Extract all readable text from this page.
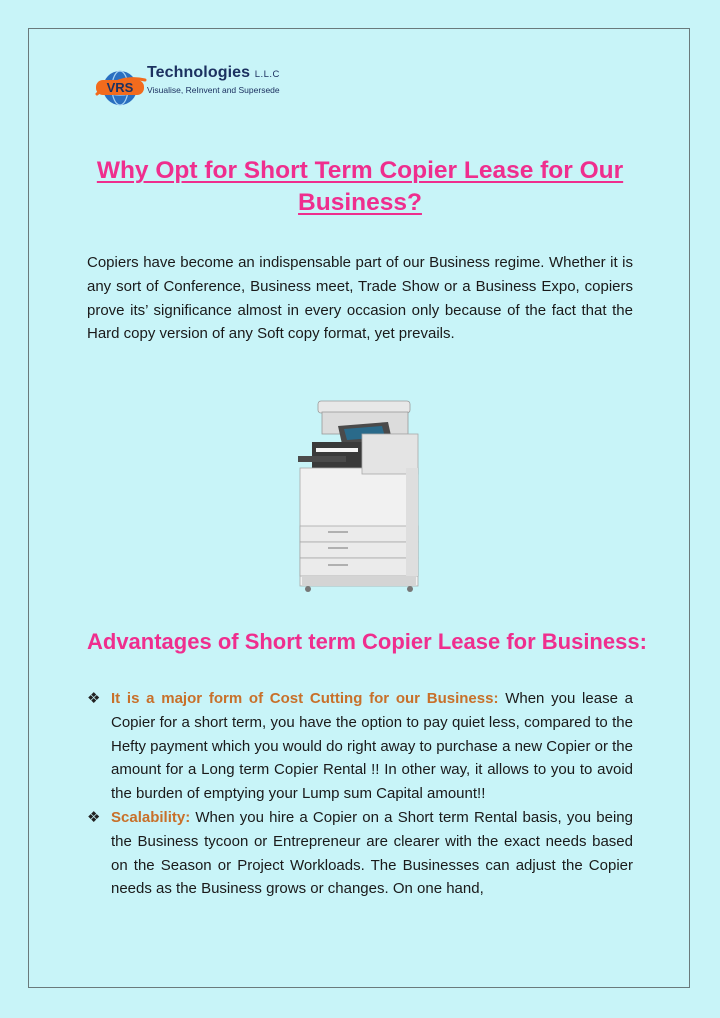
VRS
Technologies L.L.C
Visualise, ReInvent and Supersede
Why Opt for Short Term Copier Lease for Our Business?

Copiers have become an indispensable part of our Business regime. Whether it is any sort of Conference, Business meet, Trade Show or a Business Expo, copiers prove its’ significance almost in every occasion only because of the fact that the Hard copy version of any Soft copy format, yet prevails.

Advantages of Short term Copier Lease for Business:
❖ It is a major form of Cost Cutting for our Business: When you lease a Copier for a short term, you have the option to pay quiet less, compared to the Hefty payment which you would do right away to purchase a new Copier or the amount for a Long term Copier Rental !! In other way, it allows to you to avoid the burden of emptying your Lump sum Capital amount!!
❖ Scalability: When you hire a Copier on a Short term Rental basis, you being the Business tycoon or Entrepreneur are clearer with the exact needs based on the Season or Project Workloads. The Businesses can adjust the Copier needs as the Business grows or changes. On one hand,
